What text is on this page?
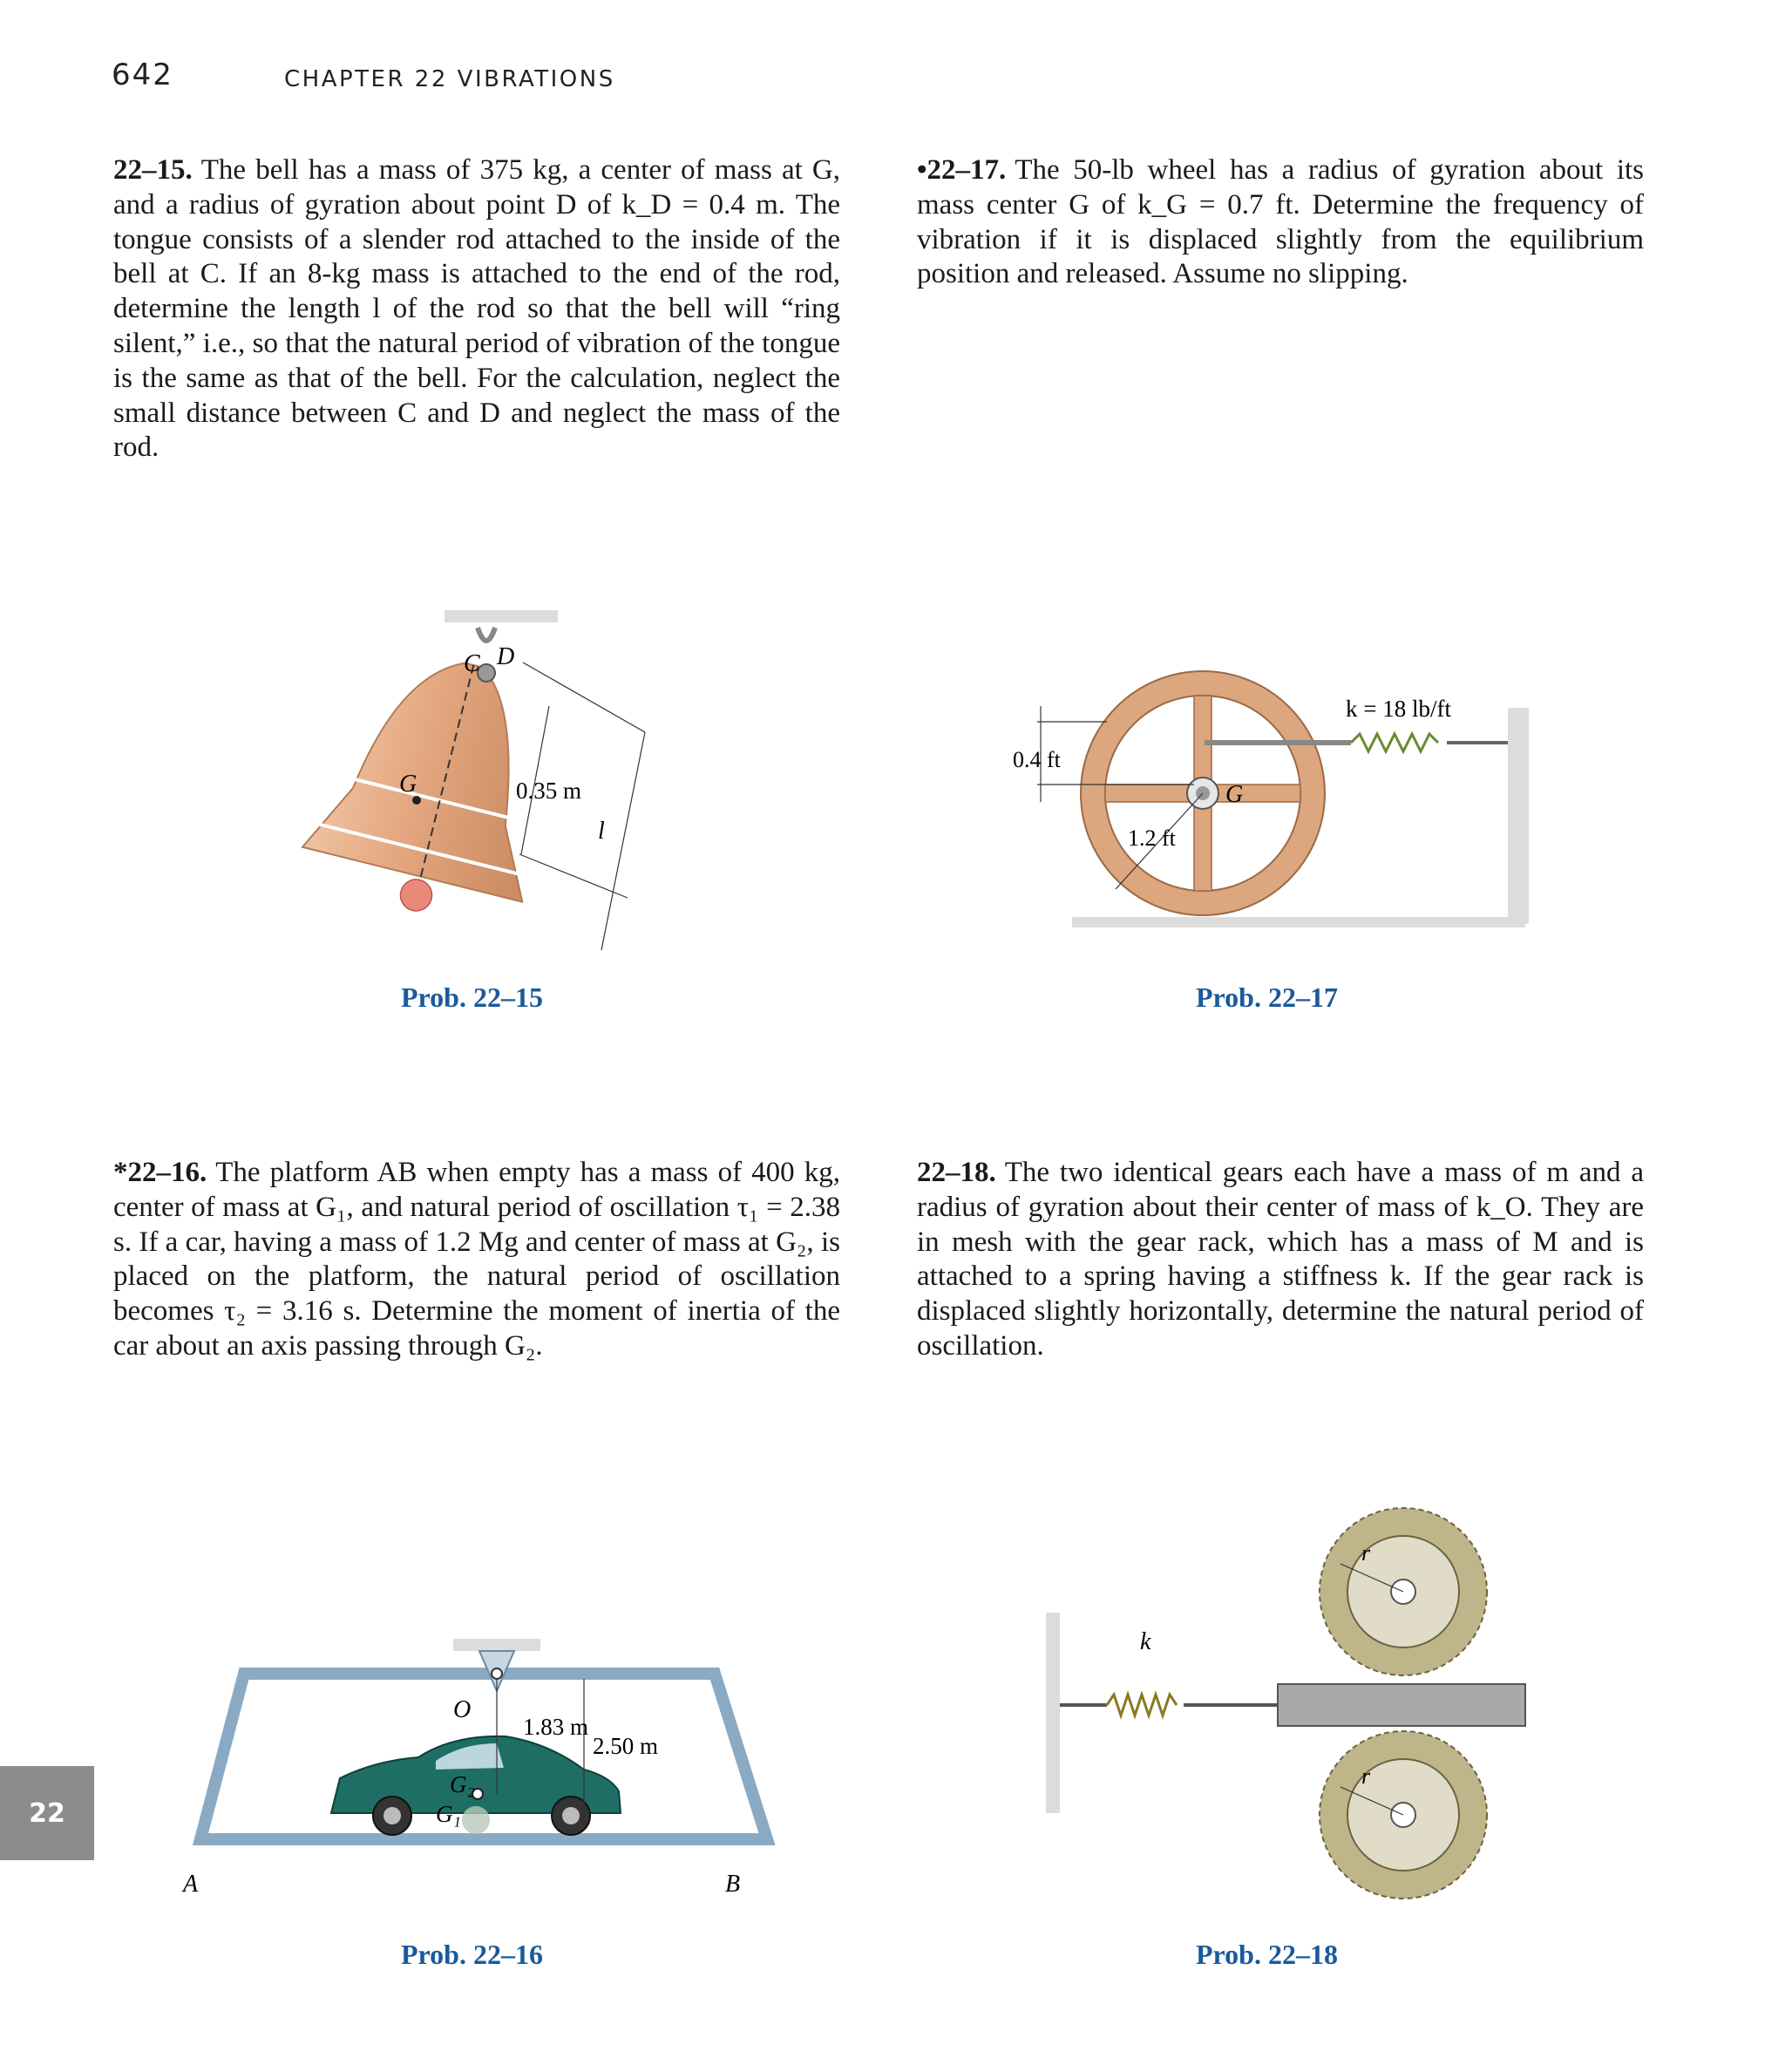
642	CHAPTER 22 VIBRATIONS
22
22–15. The bell has a mass of 375 kg, a center of mass at G, and a radius of gyration about point D of k_D = 0.4 m. The tongue consists of a slender rod attached to the inside of the bell at C. If an 8-kg mass is attached to the end of the rod, determine the length l of the rod so that the bell will “ring silent,” i.e., so that the natural period of vibration of the tongue is the same as that of the bell. For the calculation, neglect the small distance between C and D and neglect the mass of the rod.
•22–17. The 50-lb wheel has a radius of gyration about its mass center G of k_G = 0.7 ft. Determine the frequency of vibration if it is displaced slightly from the equilibrium position and released. Assume no slipping.
*22–16. The platform AB when empty has a mass of 400 kg, center of mass at G₁, and natural period of oscillation τ₁ = 2.38 s. If a car, having a mass of 1.2 Mg and center of mass at G₂, is placed on the platform, the natural period of oscillation becomes τ₂ = 3.16 s. Determine the moment of inertia of the car about an axis passing through G₂.
22–18. The two identical gears each have a mass of m and a radius of gyration about their center of mass of k_O. They are in mesh with the gear rack, which has a mass of M and is attached to a spring having a stiffness k. If the gear rack is displaced slightly horizontally, determine the natural period of oscillation.
C D
G	0.35 m
l
Prob. 22–15
k = 18 lb/ft
0.4 ft
1.2 ft
G
Prob. 22–17
O
1.83 m
2.50 m
G₂
G₁
A	B
Prob. 22–16
k
r
r
Prob. 22–18
